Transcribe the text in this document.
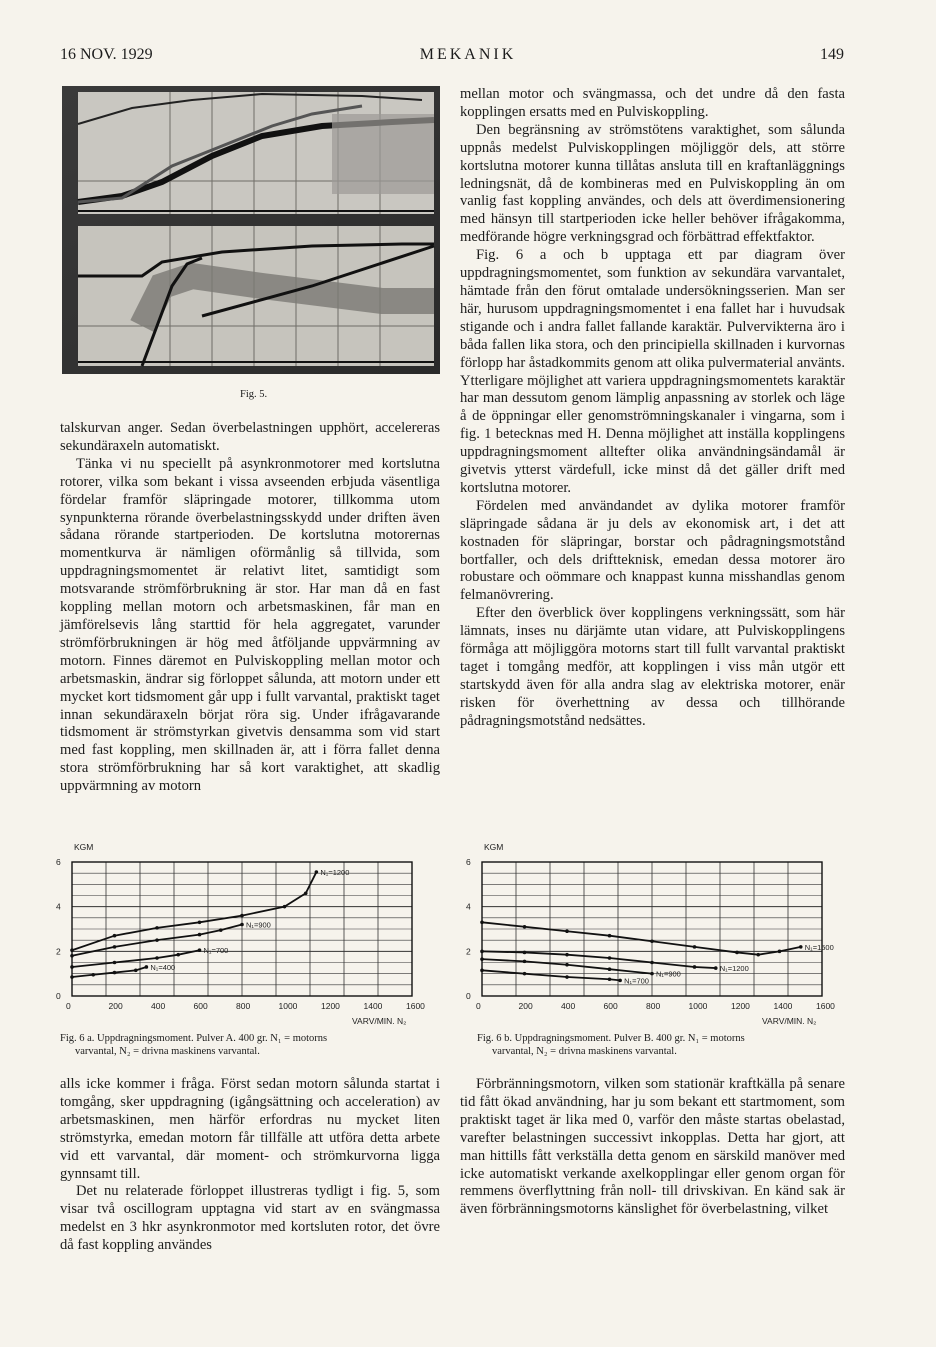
16 NOV. 1929	MEKANIK	149
Fig. 5.

talskurvan anger. Sedan överbelastningen upphört, accelereras sekundäraxeln automatiskt.

Tänka vi nu speciellt på asynkronmotorer med kortslutna rotorer, vilka som bekant i vissa avseenden erbjuda väsentliga fördelar framför släpringade motorer, tillkomma utom synpunkterna rörande överbelastningsskydd under driften även sådana rörande startperioden. De kortslutna motorernas momentkurva är nämligen oförmånlig så tillvida, som uppdragningsmomentet är relativt litet, samtidigt som motsvarande strömförbrukning är stor. Har man då en fast koppling mellan motorn och arbetsmaskinen, får man en jämförelsevis lång starttid för hela aggregatet, varunder strömförbrukningen är hög med åtföljande uppvärmning av motorn. Finnes däremot en Pulviskoppling mellan motor och arbetsmaskin, ändrar sig förloppet sålunda, att motorn under ett mycket kort tidsmoment går upp i fullt varvantal, praktiskt taget innan sekundäraxeln börjat röra sig. Under ifrågavarande tidsmoment är strömstyrkan givetvis densamma som vid start med fast koppling, men skillnaden är, att i förra fallet denna stora strömförbrukning har så kort varaktighet, att skadlig uppvärmning av motorn

mellan motor och svängmassa, och det undre då den fasta kopplingen ersatts med en Pulviskoppling.

Den begränsning av strömstötens varaktighet, som sålunda uppnås medelst Pulviskopplingen möjliggör dels, att större kortslutna motorer kunna tillåtas ansluta till en kraftanläggnings ledningsnät, då de kombineras med en Pulviskoppling än om vanlig fast koppling användes, och dels att överdimensionering med hänsyn till startperioden icke heller behöver ifrågakomma, medförande högre verkningsgrad och förbättrad effektfaktor.

Fig. 6 a och b upptaga ett par diagram över uppdragningsmomentet, som funktion av sekundära varvantalet, hämtade från den förut omtalade undersökningsserien. Man ser här, hurusom uppdragningsmomentet i ena fallet har i huvudsak stigande och i andra fallet fallande karaktär. Pulvervikterna äro i båda fallen lika stora, och den principiella skillnaden i kurvornas förlopp har åstadkommits genom att olika pulvermaterial använts. Ytterligare möjlighet att variera uppdragningsmomentets karaktär har man dessutom genom lämplig anpassning av storlek och läge å de öppningar eller genomströmningskanaler i vingarna, som i fig. 1 betecknas med H. Denna möjlighet att inställa kopplingens uppdragningsmoment alltefter olika användningsändamål är givetvis ytterst värdefull, icke minst då det gäller drift med kortslutna motorer.

Fördelen med användandet av dylika motorer framför släpringade sådana är ju dels av ekonomisk art, i det att kostnaden för släpringar, borstar och pådragningsmotstånd bortfaller, och dels driftteknisk, emedan dessa motorer äro robustare och oömmare och knappast kunna misshandlas genom felmanövrering.

Efter den överblick över kopplingens verkningssätt, som här lämnats, inses nu därjämte utan vidare, att Pulviskopplingens förmåga att möjliggöra motorns start till fullt varvantal praktiskt taget i tomgång medför, att kopplingen i viss mån utgör ett startskydd även för alla andra slag av elektriska motorer, enär risken för överhettning av dessa och tillhörande pådragningsmotstånd nedsättes.

KGM
0
2
4
6
0	200	400	600	800	1000	1200	1400	1600
VARV/MIN. N₂
N₁=1200
N₁=900
N₁=700
N₁=400
Fig. 6 a. Uppdragningsmoment. Pulver A. 400 gr. N₁ = motorns
varvantal, N₂ = drivna maskinens varvantal.
KGM
0
2
4
6
0	200	400	600	800	1000	1200	1400	1600
VARV/MIN. N₂
N₁=1500
N₁=1200
N₁=900
N₁=700
Fig. 6 b. Uppdragningsmoment. Pulver B. 400 gr. N₁ = motorns
varvantal, N₂ = drivna maskinens varvantal.

alls icke kommer i fråga. Först sedan motorn sålunda startat i tomgång, sker uppdragning (igångsättning och acceleration) av arbetsmaskinen, men härför erfordras nu mycket liten strömstyrka, emedan motorn får tillfälle att utföra detta arbete vid ett varvantal, där moment- och strömkurvorna ligga gynnsamt till.

Det nu relaterade förloppet illustreras tydligt i fig. 5, som visar två oscillogram upptagna vid start av en svängmassa medelst en 3 hkr asynkronmotor med kortsluten rotor, det övre då fast koppling användes

Förbränningsmotorn, vilken som stationär kraftkälla på senare tid fått ökad användning, har ju som bekant ett startmoment, som praktiskt taget är lika med 0, varför den måste startas obelastad, varefter belastningen successivt inkopplas. Detta har gjort, att man hittills fått verkställa detta genom en särskild manöver med icke automatiskt verkande axelkopplingar eller genom organ för remmens överflyttning från noll- till drivskivan. En känd sak är även förbränningsmotorns känslighet för överbelastning, vilket
